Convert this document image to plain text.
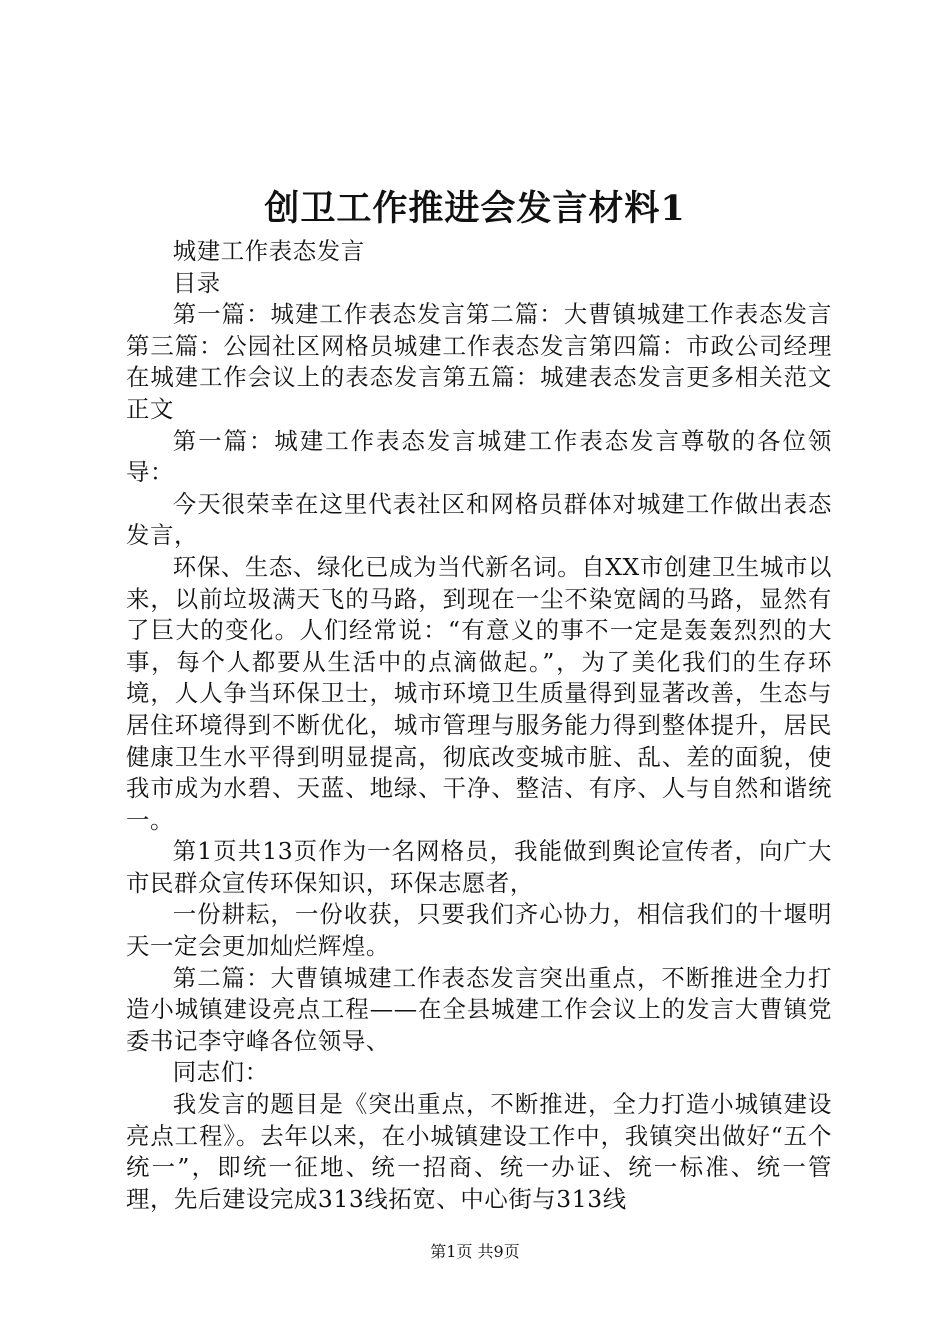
创卫工作推进会发言材料1

城建工作表态发言

目录

第一篇：城建工作表态发言第二篇：大曹镇城建工作表态发言第三篇：公园社区网格员城建工作表态发言第四篇：市政公司经理在城建工作会议上的表态发言第五篇：城建表态发言更多相关范文正文

第一篇：城建工作表态发言城建工作表态发言尊敬的各位领导：

今天很荣幸在这里代表社区和网格员群体对城建工作做出表态发言，

环保、生态、绿化已成为当代新名词。自XX市创建卫生城市以来，以前垃圾满天飞的马路，到现在一尘不染宽阔的马路，显然有了巨大的变化。人们经常说：“有意义的事不一定是轰轰烈烈的大事，每个人都要从生活中的点滴做起。”，为了美化我们的生存环境，人人争当环保卫士，城市环境卫生质量得到显著改善，生态与居住环境得到不断优化，城市管理与服务能力得到整体提升，居民健康卫生水平得到明显提高，彻底改变城市脏、乱、差的面貌，使我市成为水碧、天蓝、地绿、干净、整洁、有序、人与自然和谐统一。

第1页共13页作为一名网格员，我能做到舆论宣传者，向广大市民群众宣传环保知识，环保志愿者，

一份耕耘，一份收获，只要我们齐心协力，相信我们的十堰明天一定会更加灿烂辉煌。

第二篇：大曹镇城建工作表态发言突出重点，不断推进全力打造小城镇建设亮点工程——在全县城建工作会议上的发言大曹镇党委书记李守峰各位领导、

同志们：

我发言的题目是《突出重点，不断推进，全力打造小城镇建设亮点工程》。去年以来，在小城镇建设工作中，我镇突出做好“五个统一”，即统一征地、统一招商、统一办证、统一标准、统一管理，先后建设完成313线拓宽、中心街与313线

第1页 共9页
